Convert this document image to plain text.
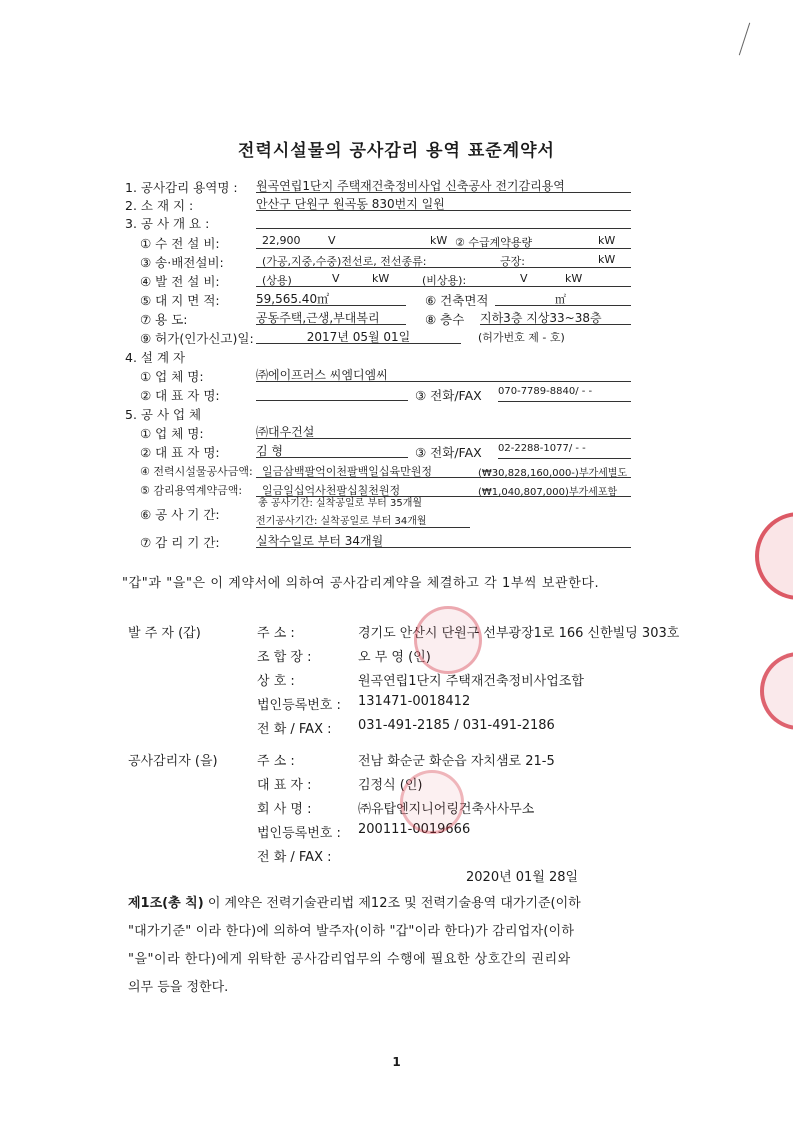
전력시설물의 공사감리 용역 표준계약서
1. 공사감리 용역명 : 원곡연립1단지 주택재건축정비사업 신축공사 전기감리용역
2. 소 재 지 :	안산구 단원구 원곡동 830번지 일원
3. 공 사 개 요 :
① 수 전 설 비:	22,900	V	kW ② 수급계약용량	kW
③ 송·배전설비:	(가공,지중,수중)전선로, 전선종류:	긍장:	kW
④ 발 전 설 비:	(상용)	V	kW	(비상용):	V	kW
⑤ 대 지 면 적:	59,565.40㎡	⑥ 건축면적	㎡
⑦ 용 도:	공동주택,근생,부대복리	⑧ 층수 지하3층 지상33~38층
⑨ 허가(인가신고)일:	2017년 05월 01일	(허가번호 제 - 호)
4. 설 계 자
① 업 체 명:	㈜에이프러스 씨엠디엠씨
② 대 표 자 명:	③ 전화/FAX 070-7789-8840/ - -
5. 공 사 업 체
① 업 체 명:	㈜대우건설
② 대 표 자 명:	김 형	③ 전화/FAX 02-2288-1077/ - -
④ 전력시설물공사금액: 일금삼백팔억이천팔백일십육만원정	(₩30,828,160,000-)부가세별도
⑤ 감리용역계약금액: 일금일십억사천팔십칠천원정	(₩1,040,807,000)부가세포함
⑥ 공 사 기 간:
총 공사기간: 실착공일로 부터 35개월
전기공사기간: 실착공일로 부터 34개월
⑦ 감 리 기 간:	실착수일로 부터 34개월
"갑"과 "을"은 이 계약서에 의하여 공사감리계약을 체결하고 각 1부씩 보관한다.
발 주 자 (갑)	주 소 :	경기도 안산시 단원구 선부광장1로 166 신한빌딩 303호
조 합 장 :	오 무 영 (인)
상 호 :	원곡연립1단지 주택재건축정비사업조합
법인등록번호 : 131471-0018412
전 화 / FAX : 031-491-2185 / 031-491-2186
공사감리자 (을)	주 소 :	전남 화순군 화순읍 자치샘로 21-5
대 표 자 :	김정식 (인)
회 사 명 :	㈜유탑엔지니어링건축사사무소
법인등록번호 : 200111-0019666
전 화 / FAX :
2020년 01월 28일
제1조(총 칙) 이 계약은 전력기술관리법 제12조 및 전력기술용역 대가기준(이하
"대가기준" 이라 한다)에 의하여 발주자(이하 "갑"이라 한다)가 감리업자(이하
"을"이라 한다)에게 위탁한 공사감리업무의 수행에 필요한 상호간의 권리와
의무 등을 정한다.
1
